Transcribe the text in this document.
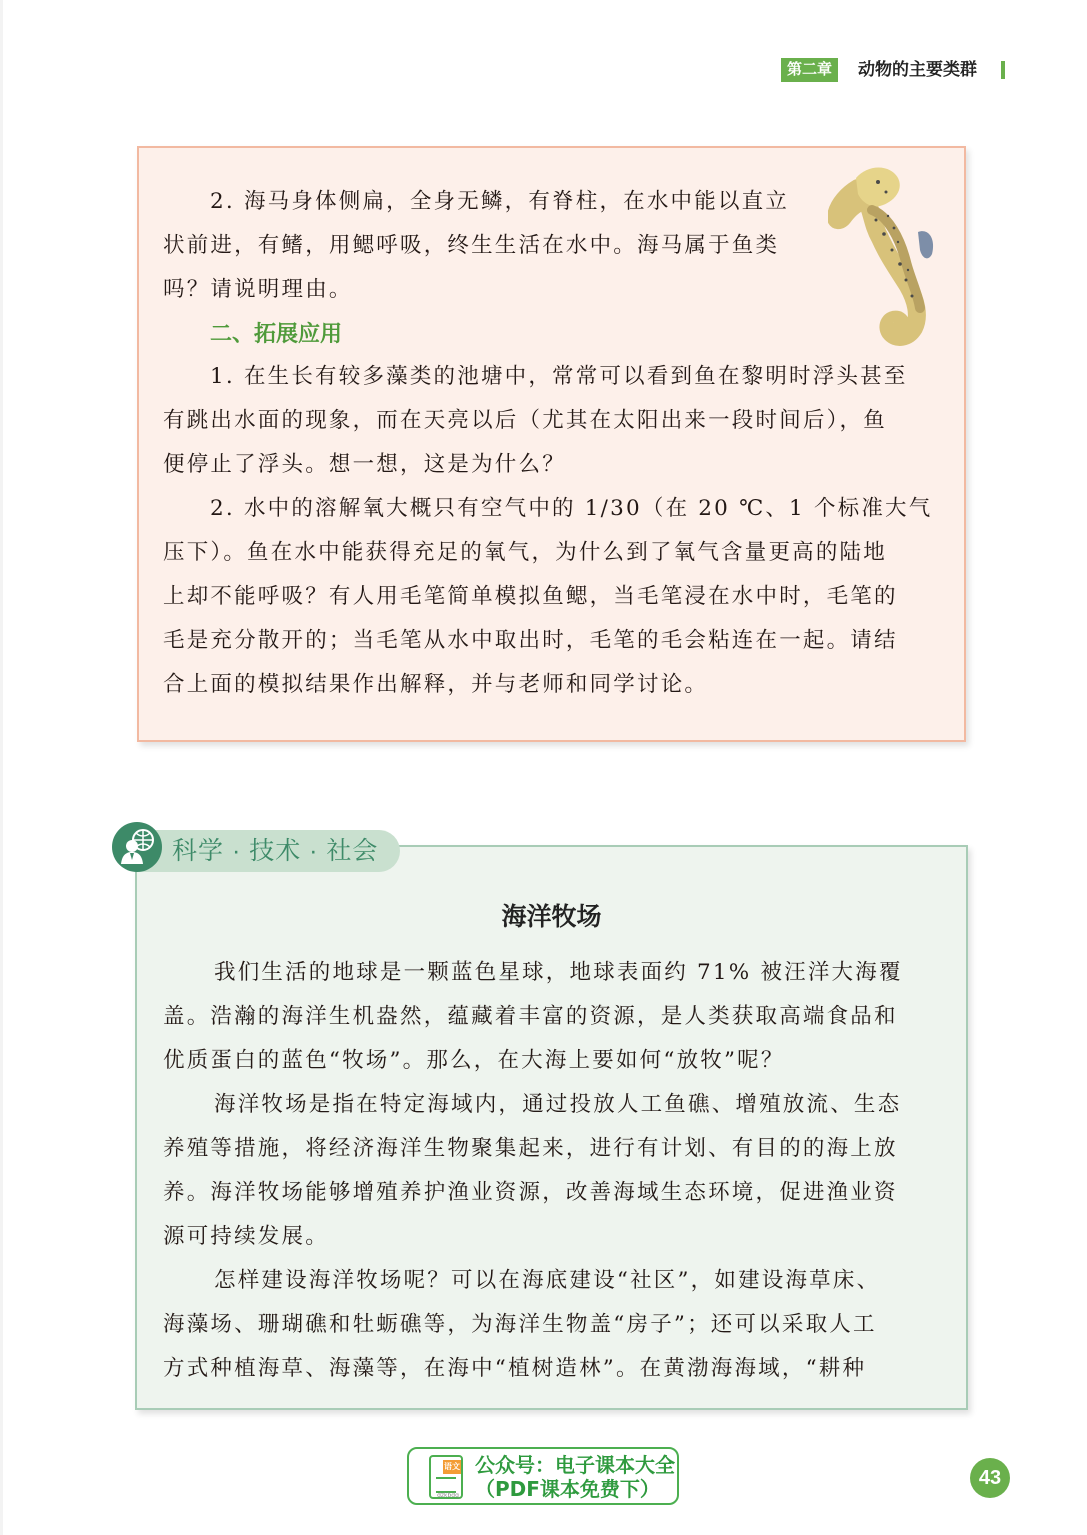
第二章	动物的主要类群
2. 海马身体侧扁，全身无鳞，有脊柱，在水中能以直立
状前进，有鳍，用鳃呼吸，终生生活在水中。海马属于鱼类
吗？请说明理由。
二、拓展应用
1. 在生长有较多藻类的池塘中，常常可以看到鱼在黎明时浮头甚至
有跳出水面的现象，而在天亮以后（尤其在太阳出来一段时间后），鱼
便停止了浮头。想一想，这是为什么？
2. 水中的溶解氧大概只有空气中的 1/30（在 20 ℃、1 个标准大气
压下）。鱼在水中能获得充足的氧气，为什么到了氧气含量更高的陆地
上却不能呼吸？有人用毛笔简单模拟鱼鳃，当毛笔浸在水中时，毛笔的
毛是充分散开的；当毛笔从水中取出时，毛笔的毛会粘连在一起。请结
合上面的模拟结果作出解释，并与老师和同学讨论。
科学 · 技术 · 社会
海洋牧场
我们生活的地球是一颗蓝色星球，地球表面约 71% 被汪洋大海覆
盖。浩瀚的海洋生机盎然，蕴藏着丰富的资源，是人类获取高端食品和
优质蛋白的蓝色“牧场”。那么，在大海上要如何“放牧”呢？
海洋牧场是指在特定海域内，通过投放人工鱼礁、增殖放流、生态
养殖等措施，将经济海洋生物聚集起来，进行有计划、有目的的海上放
养。海洋牧场能够增殖养护渔业资源，改善海域生态环境，促进渔业资
源可持续发展。
怎样建设海洋牧场呢？可以在海底建设“社区”，如建设海草床、
海藻场、珊瑚礁和牡蛎礁等，为海洋生物盖“房子”；还可以采取人工
方式种植海草、海藻等，在海中“植树造林”。在黄渤海海域，“耕种
语文
dzkbdq
公众号：电子课本大全
（PDF课本免费下）	43
